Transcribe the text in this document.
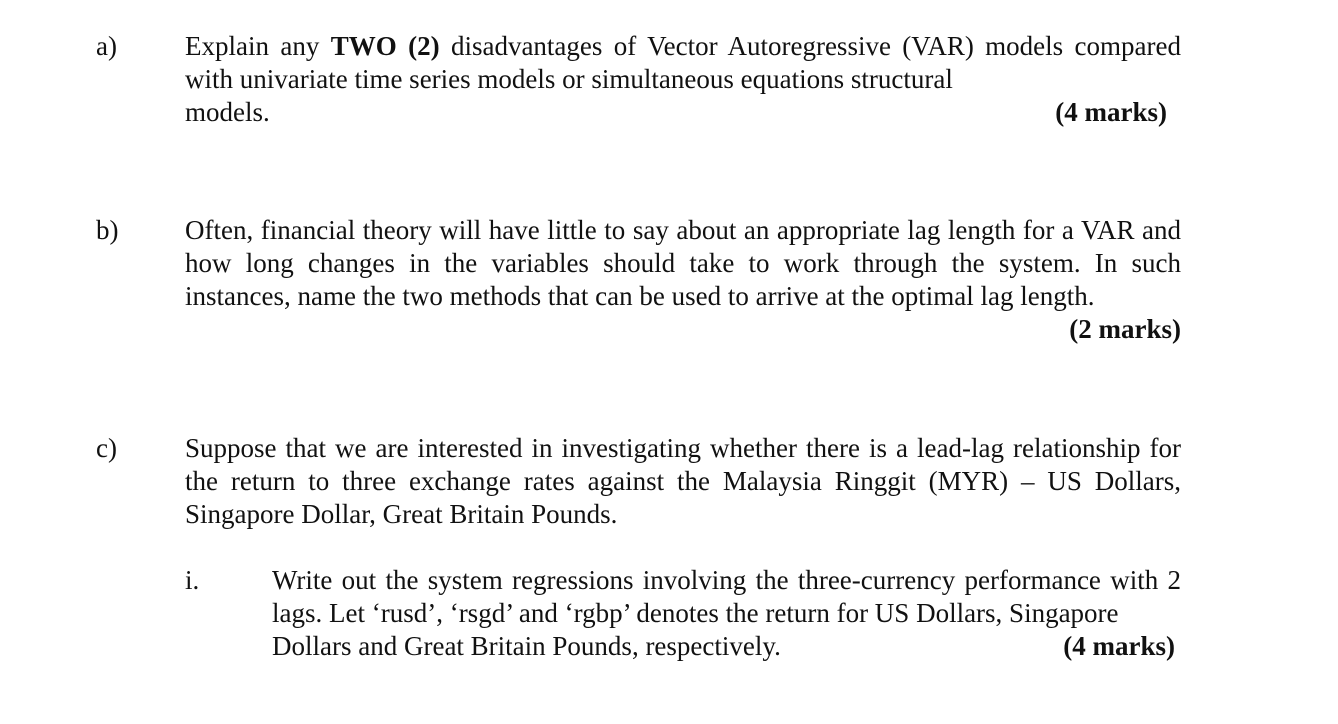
a)	Explain any TWO (2) disadvantages of Vector Autoregressive (VAR) models compared with univariate time series models or simultaneous equations structural
models.	(4 marks)
b) Often, financial theory will have little to say about an appropriate lag length for a VAR and how long changes in the variables should take to work through the system. In such instances, name the two methods that can be used to arrive at the optimal lag length.
(2 marks)
c)	Suppose that we are interested in investigating whether there is a lead-lag relationship for the return to three exchange rates against the Malaysia Ringgit (MYR) – US Dollars, Singapore Dollar, Great Britain Pounds.
i.	Write out the system regressions involving the three-currency performance with 2 lags. Let ‘rusd’, ‘rsgd’ and ‘rgbp’ denotes the return for US Dollars, Singapore
Dollars and Great Britain Pounds, respectively.	(4 marks)
